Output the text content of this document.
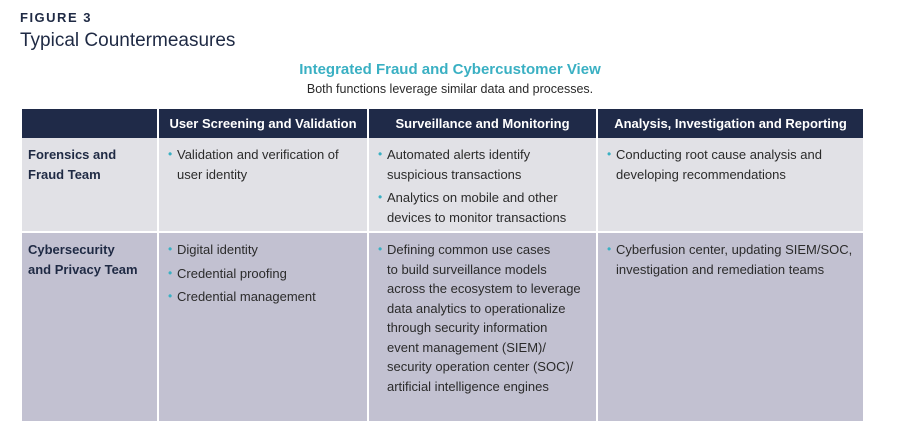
FIGURE 3
Typical Countermeasures
Integrated Fraud and Cybercustomer View
Both functions leverage similar data and processes.
User Screening and Validation	Surveillance and Monitoring	Analysis, Investigation and Reporting
Forensics and
Fraud Team
• Validation and verification of
user identity
• Automated alerts identify
suspicious transactions
• Analytics on mobile and other
devices to monitor transactions
• Conducting root cause analysis and
developing recommendations
Cybersecurity
and Privacy Team
• Digital identity
• Credential proofing
• Credential management
• Defining common use cases
to build surveillance models
across the ecosystem to leverage
data analytics to operationalize
through security information
event management (SIEM)/
security operation center (SOC)/
artificial intelligence engines
• Cyberfusion center, updating SIEM/SOC,
investigation and remediation teams
